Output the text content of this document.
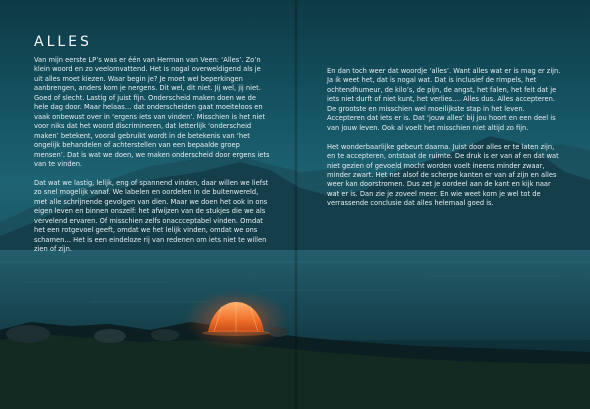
ALLES

Van mijn eerste LP’s was er één van Herman van Veen: ‘Alles’. Zo’n klein woord en zo veelomvattend. Het is nogal overweldigend als je uit alles moet kiezen. Waar begin je? Je moet wel beperkingen aanbrengen, anders kom je nergens. Dit wel, dit niet. Jij wel, jij niet. Goed of slecht. Lastig of juist fijn. Onderscheid maken doen we de hele dag door. Maar helaas… dat onderscheiden gaat moeiteloos en vaak onbewust over in ‘ergens iets van vinden’. Misschien is het niet voor niks dat het woord discrimineren, dat letterlijk ‘onderscheid maken’ betekent, vooral gebruikt wordt in de betekenis van ‘het ongelijk behandelen of achterstellen van een bepaalde groep mensen’. Dat is wat we doen, we maken onderscheid door ergens iets van te vinden.

Dat wat we lastig, lelijk, eng of spannend vinden, daar willen we liefst zo snel mogelijk vanaf. We labelen en oordelen in de buitenwereld, met alle schrijnende gevolgen van dien. Maar we doen het ook in ons eigen leven en binnen onszelf: het afwijzen van de stukjes die we als vervelend ervaren. Of misschien zelfs onaccceptabel vinden. Omdat het een rotgevoel geeft, omdat we het lelijk vinden, omdat we ons schamen… Het is een eindeloze rij van redenen om iets niet te willen zien of zijn.

En dan toch weer dat woordje ‘alles’. Want alles wat er is mag er zijn. Ja ik weet het, dat is nogal wat. Dat is inclusief de rimpels, het ochtendhumeur, de kilo’s, de pijn, de angst, het falen, het feit dat je iets niet durft of niet kunt, het verlies…. Alles dus. Alles accepteren. De grootste en misschien wel moeilijkste stap in het leven. Accepteren dat iets er is. Dat ‘jouw alles’ bij jou hoort en een deel is van jouw leven. Ook al voelt het misschien niet altijd zo fijn.

Het wonderbaarlijke gebeurt daarna. Juist door alles er te laten zijn, en te accepteren, ontstaat de ruimte. De druk is er van af en dat wat niet gezien of gevoeld mocht worden voelt ineens minder zwaar, minder zwart. Het net alsof de scherpe kanten er van af zijn en alles weer kan doorstromen. Dus zet je oordeel aan de kant en kijk naar wat er is. Dan zie je zoveel meer. En wie weet kom je wel tot de verrassende conclusie dat alles helemaal goed is.
